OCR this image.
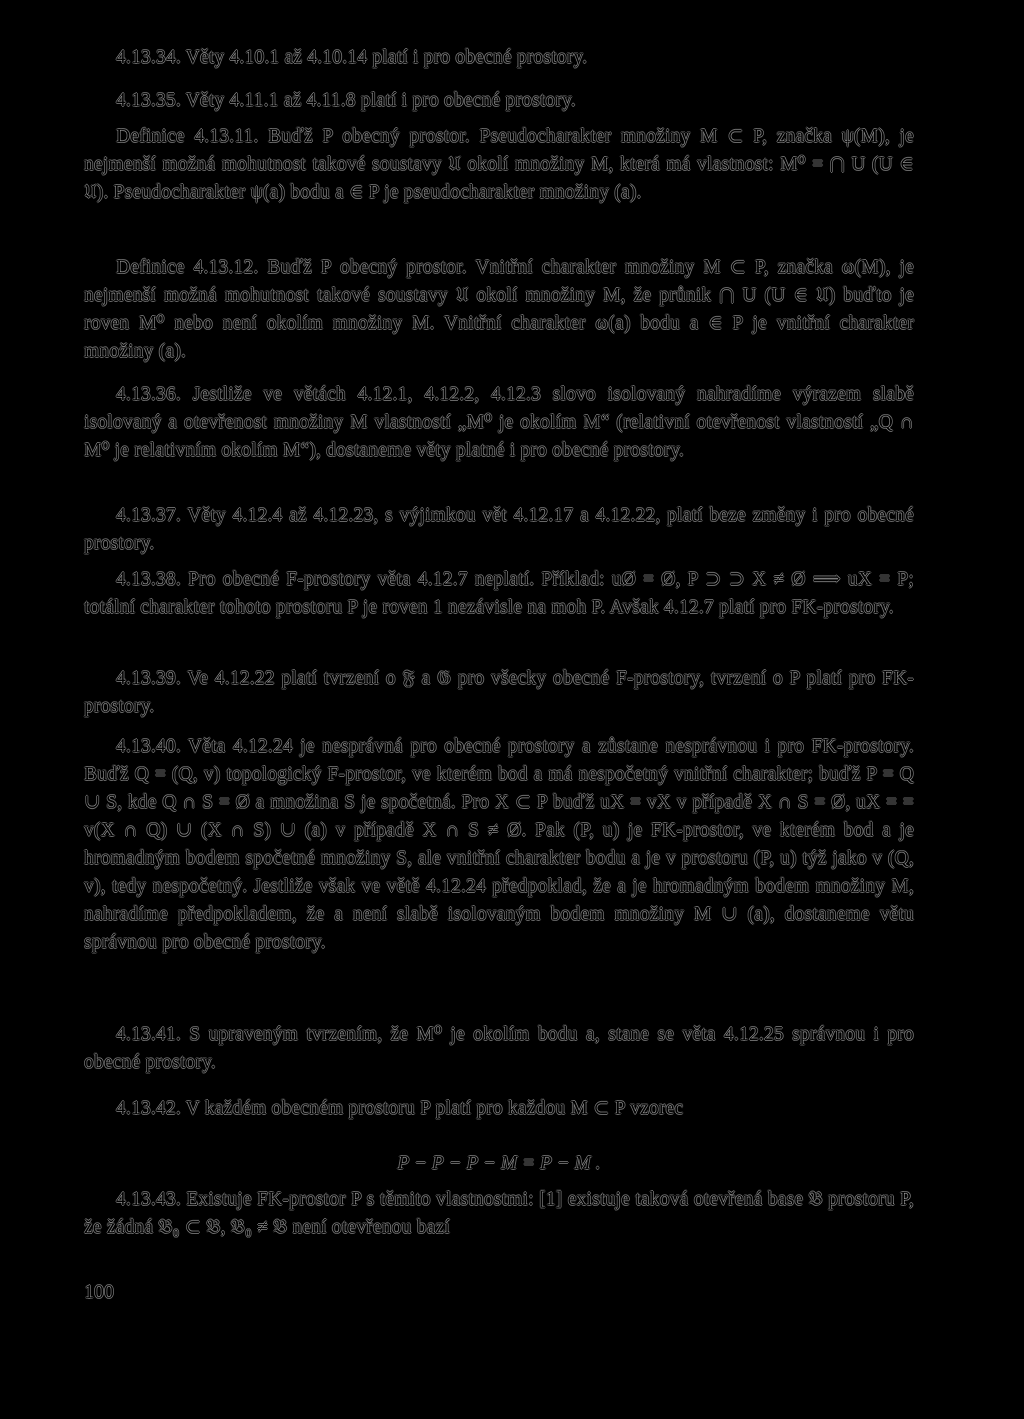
4.13.34. Věty 4.10.1 až 4.10.14 platí i pro obecné prostory.

4.13.35. Věty 4.11.1 až 4.11.8 platí i pro obecné prostory.

Definice 4.13.11. Buďž P obecný prostor. Pseudocharakter množiny M ⊂ P, značka ψ(M), je nejmenší možná mohutnost takové soustavy 𝔘 okolí množiny M, která má vlastnost: M⁰ = ⋂ U (U ∈ 𝔘). Pseudocharakter ψ(a) bodu a ∈ P je pseudocharakter množiny (a).

Definice 4.13.12. Buďž P obecný prostor. Vnitřní charakter množiny M ⊂ P, značka ω(M), je nejmenší možná mohutnost takové soustavy 𝔘 okolí množiny M, že průnik ⋂ U (U ∈ 𝔘) buďto je roven M⁰ nebo není okolím množiny M. Vnitřní charakter ω(a) bodu a ∈ P je vnitřní charakter množiny (a).

4.13.36. Jestliže ve větách 4.12.1, 4.12.2, 4.12.3 slovo isolovaný nahradíme výrazem slabě isolovaný a otevřenost množiny M vlastností „M⁰ je okolím M“ (relativní otevřenost vlastností „Q ∩ M⁰ je relativním okolím M“), dostaneme věty platné i pro obecné prostory.

4.13.37. Věty 4.12.4 až 4.12.23, s výjimkou vět 4.12.17 a 4.12.22, platí beze změny i pro obecné prostory.

4.13.38. Pro obecné F-prostory věta 4.12.7 neplatí. Příklad: uØ = Ø, P ⊃ ⊃ X ≠ Ø ⟹ uX = P; totální charakter tohoto prostoru P je roven 1 nezávisle na moh P. Avšak 4.12.7 platí pro FK-prostory.

4.13.39. Ve 4.12.22 platí tvrzení o 𝔉 a 𝔊 pro všecky obecné F-prostory, tvrzení o P platí pro FK-prostory.

4.13.40. Věta 4.12.24 je nesprávná pro obecné prostory a zůstane nesprávnou i pro FK-prostory. Buďž Q = (Q, v) topologický F-prostor, ve kterém bod a má nespočetný vnitřní charakter; buďž P = Q ∪ S, kde Q ∩ S = Ø a množina S je spočetná. Pro X ⊂ P buďž uX = vX v případě X ∩ S = Ø, uX = = v(X ∩ Q) ∪ (X ∩ S) ∪ (a) v případě X ∩ S ≠ Ø. Pak (P, u) je FK-prostor, ve kterém bod a je hromadným bodem spočetné množiny S, ale vnitřní charakter bodu a je v prostoru (P, u) týž jako v (Q, v), tedy nespočetný. Jestliže však ve větě 4.12.24 předpoklad, že a je hromadným bodem množiny M, nahradíme předpokladem, že a není slabě isolovaným bodem množiny M ∪ (a), dostaneme větu správnou pro obecné prostory.

4.13.41. S upraveným tvrzením, že M⁰ je okolím bodu a, stane se věta 4.12.25 správnou i pro obecné prostory.

4.13.42. V každém obecném prostoru P platí pro každou M ⊂ P vzorec

P − P − P − M = P − M .

4.13.43. Existuje FK-prostor P s těmito vlastnostmi: [1] existuje taková otevřená base 𝔅 prostoru P, že žádná 𝔅₀ ⊂ 𝔅, 𝔅₀ ≠ 𝔅 není otevřenou bazí

100
